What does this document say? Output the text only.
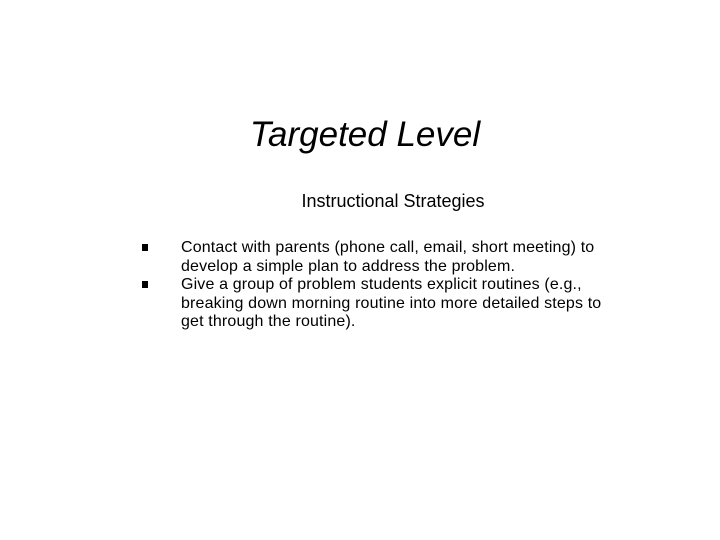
Targeted Level
Instructional Strategies
Contact with parents (phone call, email, short meeting) to develop a simple plan to address the problem.
Give a group of problem students explicit routines (e.g., breaking down morning routine into more detailed steps to get through the routine).
